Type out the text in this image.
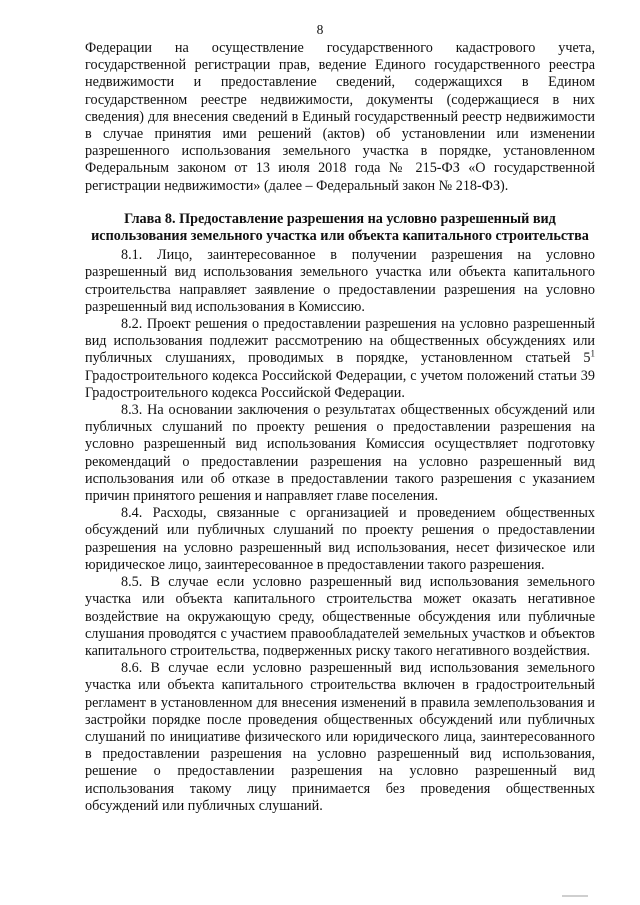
8

Федерации на осуществление государственного кадастрового учета, государственной регистрации прав, ведение Единого государственного реестра недвижимости и предоставление сведений, содержащихся в Едином государственном реестре недвижимости, документы (содержащиеся в них сведения) для внесения сведений в Единый государственный реестр недвижимости в случае принятия ими решений (актов) об установлении или изменении разрешенного использования земельного участка в порядке, установленном Федеральным законом от 13 июля 2018 года № 215-ФЗ «О государственной регистрации недвижимости» (далее – Федеральный закон № 218-ФЗ).

Глава 8. Предоставление разрешения на условно разрешенный вид использования земельного участка или объекта капитального строительства

8.1. Лицо, заинтересованное в получении разрешения на условно разрешенный вид использования земельного участка или объекта капитального строительства направляет заявление о предоставлении разрешения на условно разрешенный вид использования в Комиссию.

8.2. Проект решения о предоставлении разрешения на условно разрешенный вид использования подлежит рассмотрению на общественных обсуждениях или публичных слушаниях, проводимых в порядке, установленном статьей $5^1$ Градостроительного кодекса Российской Федерации, с учетом положений статьи 39 Градостроительного кодекса Российской Федерации.

8.3. На основании заключения о результатах общественных обсуждений или публичных слушаний по проекту решения о предоставлении разрешения на условно разрешенный вид использования Комиссия осуществляет подготовку рекомендаций о предоставлении разрешения на условно разрешенный вид использования или об отказе в предоставлении такого разрешения с указанием причин принятого решения и направляет главе поселения.

8.4. Расходы, связанные с организацией и проведением общественных обсуждений или публичных слушаний по проекту решения о предоставлении разрешения на условно разрешенный вид использования, несет физическое или юридическое лицо, заинтересованное в предоставлении такого разрешения.

8.5. В случае если условно разрешенный вид использования земельного участка или объекта капитального строительства может оказать негативное воздействие на окружающую среду, общественные обсуждения или публичные слушания проводятся с участием правообладателей земельных участков и объектов капитального строительства, подверженных риску такого негативного воздействия.

8.6. В случае если условно разрешенный вид использования земельного участка или объекта капитального строительства включен в градостроительный регламент в установленном для внесения изменений в правила землепользования и застройки порядке после проведения общественных обсуждений или публичных слушаний по инициативе физического или юридического лица, заинтересованного в предоставлении разрешения на условно разрешенный вид использования, решение о предоставлении разрешения на условно разрешенный вид использования такому лицу принимается без проведения общественных обсуждений или публичных слушаний.
